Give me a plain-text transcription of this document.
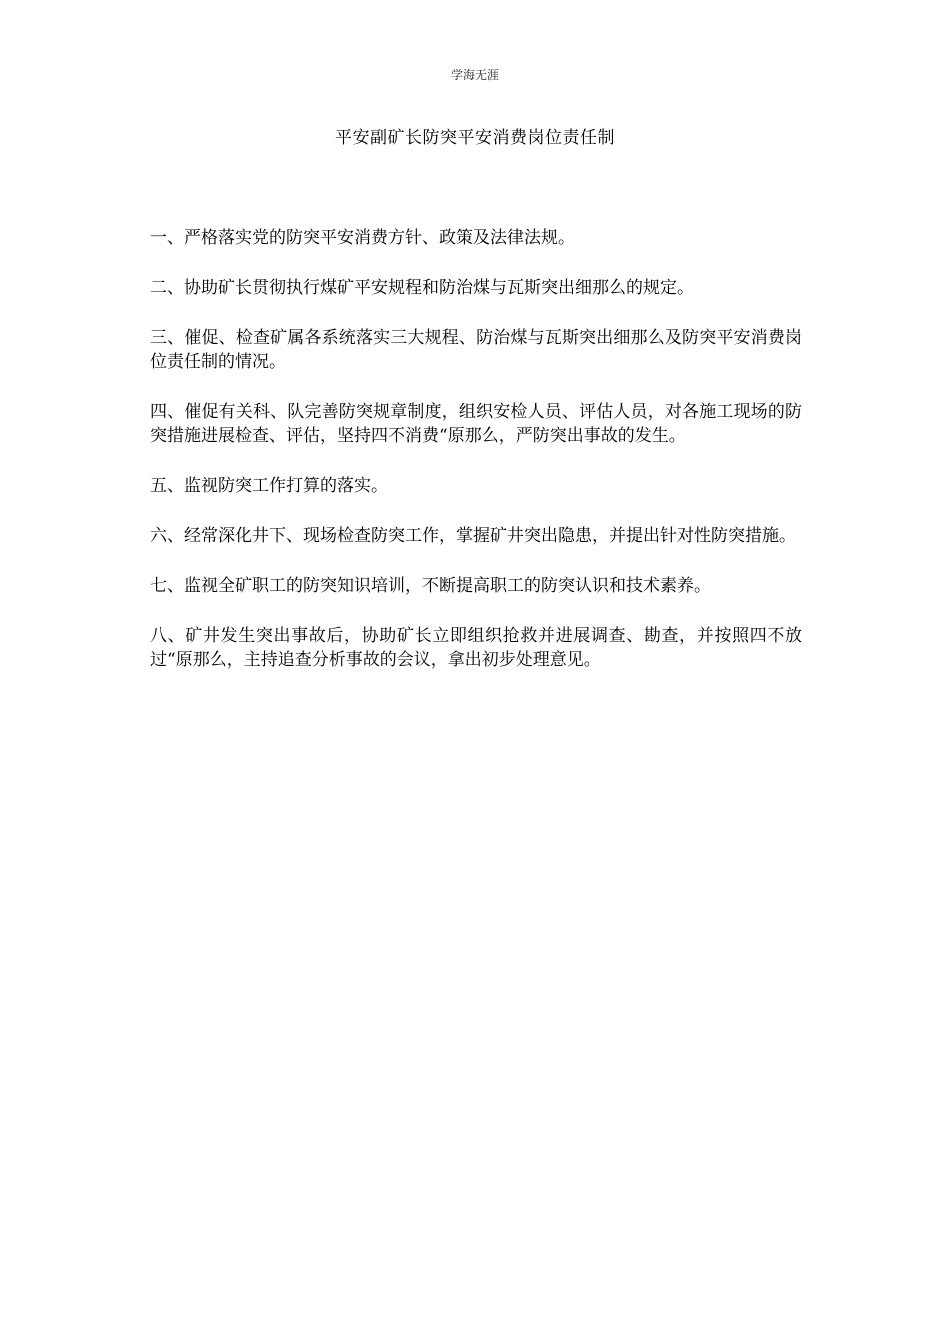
学海无涯
平安副矿长防突平安消费岗位责任制

一、严格落实党的防突平安消费方针、政策及法律法规。

二、协助矿长贯彻执行煤矿平安规程和防治煤与瓦斯突出细那么的规定。

三、催促、检查矿属各系统落实三大规程、防治煤与瓦斯突出细那么及防突平安消费岗位责任制的情况。

四、催促有关科、队完善防突规章制度，组织安检人员、评估人员，对各施工现场的防突措施进展检查、评估，坚持四不消费“原那么，严防突出事故的发生。

五、监视防突工作打算的落实。

六、经常深化井下、现场检查防突工作，掌握矿井突出隐患，并提出针对性防突措施。

七、监视全矿职工的防突知识培训，不断提高职工的防突认识和技术素养。

八、矿井发生突出事故后，协助矿长立即组织抢救并进展调查、勘查，并按照四不放过“原那么，主持追查分析事故的会议，拿出初步处理意见。
